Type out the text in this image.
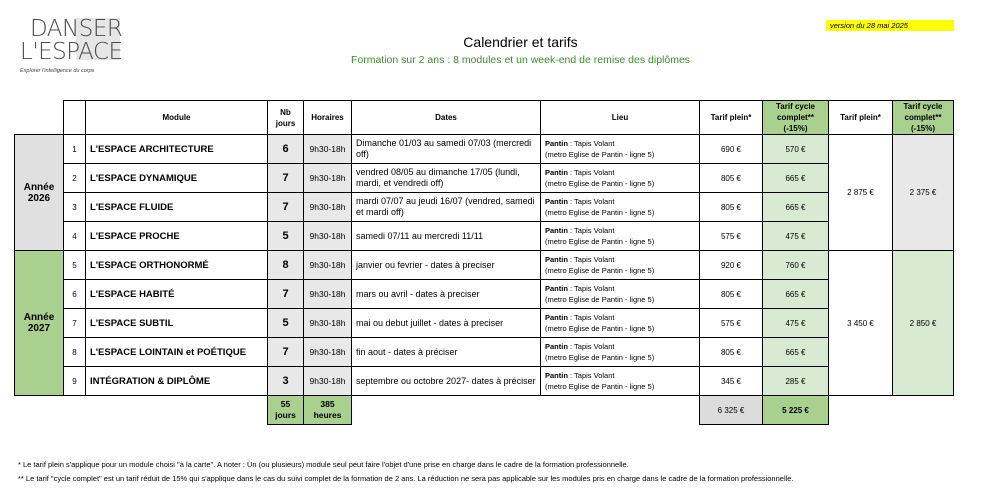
DANSER
L'ESPACE
Explorer l'intelligence du corps
version du 28 mai 2025
Calendrier et tarifs
Formation sur 2 ans : 8 modules et un week-end de remise des diplômes
		Module	Nb jours	Horaires	Dates	Lieu	Tarif plein*	Tarif cycle complet** (-15%)	Tarif plein*	Tarif cycle complet** (-15%)
Année 2026	1	L'ESPACE ARCHITECTURE	6	9h30-18h	Dimanche 01/03 au samedi 07/03 (mercredi off)	Pantin : Tapis Volant
(metro Eglise de Pantin - ligne 5)	690 €	570 €	2 875 €	2 375 €
	2	L'ESPACE DYNAMIQUE	7	9h30-18h	vendred 08/05 au dimanche 17/05 (lundi, mardi, et vendredi off)	Pantin : Tapis Volant
(metro Eglise de Pantin - ligne 5)	805 €	665 €		
	3	L'ESPACE FLUIDE	7	9h30-18h	mardi 07/07 au jeudi 16/07 (vendred, samedi et mardi off)	Pantin : Tapis Volant
(metro Eglise de Pantin - ligne 5)	805 €	665 €		
	4	L'ESPACE PROCHE	5	9h30-18h	samedi 07/11 au mercredi 11/11	Pantin : Tapis Volant
(metro Eglise de Pantin - ligne 5)	575 €	475 €		
Année 2027	5	L'ESPACE ORTHONORMÉ	8	9h30-18h	janvier ou fevrier - dates à preciser	Pantin : Tapis Volant
(metro Eglise de Pantin - ligne 5)	920 €	760 €	3 450 €	2 850 €
	6	L'ESPACE HABITÉ	7	9h30-18h	mars ou avril - dates à preciser	Pantin : Tapis Volant
(metro Eglise de Pantin - ligne 5)	805 €	665 €		
	7	L'ESPACE SUBTIL	5	9h30-18h	mai ou debut juillet - dates à preciser	Pantin : Tapis Volant
(metro Eglise de Pantin - ligne 5)	575 €	475 €		
	8	L'ESPACE LOINTAIN et POÉTIQUE	7	9h30-18h	fin aout - dates à préciser	Pantin : Tapis Volant
(metro Eglise de Pantin - ligne 5)	805 €	665 €		
	9	INTÉGRATION & DIPLÔME	3	9h30-18h	septembre ou octobre 2027- dates à préciser	Pantin : Tapis Volant
(metro Eglise de Pantin - ligne 5)	345 €	285 €		
			55 jours	385 heures			6 325 €	5 225 €		
* Le tarif plein s'applique pour un module choisi "à la carte". A noter : Un (ou plusieurs) module seul peut faire l'objet d'une prise en charge dans le cadre de la formation professionnelle.
** Le tarif "cycle complet" est un tarif réduit de 15% qui s'applique dans le cas du suivi complet de la formation de 2 ans. La réduction ne sera pas applicable sur les modules pris en charge dans le cadre de la formation professionnelle.
